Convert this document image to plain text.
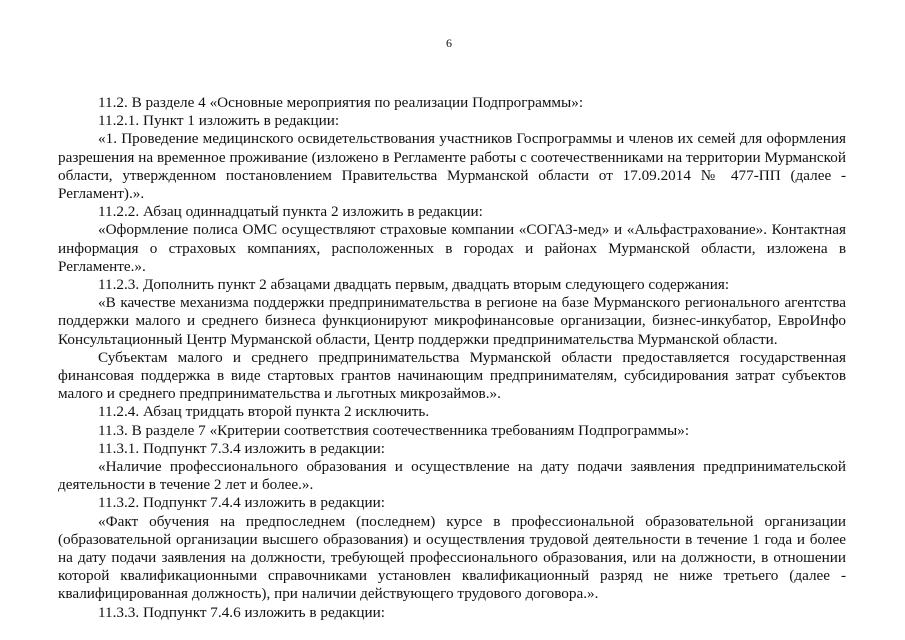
6

11.2. В разделе 4 «Основные мероприятия по реализации Подпрограммы»:

11.2.1. Пункт 1 изложить в редакции:

«1. Проведение медицинского освидетельствования участников Госпрограммы и членов их семей для оформления разрешения на временное проживание (изложено в Регламенте работы с соотечественниками на территории Мурманской области, утвержденном постановлением Правительства Мурманской области от 17.09.2014 № 477-ПП (далее - Регламент).».

11.2.2. Абзац одиннадцатый пункта 2 изложить в редакции:

«Оформление полиса ОМС осуществляют страховые компании «СОГАЗ-мед» и «Альфастрахование». Контактная информация о страховых компаниях, расположенных в городах и районах Мурманской области, изложена в Регламенте.».

11.2.3. Дополнить пункт 2 абзацами двадцать первым, двадцать вторым следующего содержания:

«В качестве механизма поддержки предпринимательства в регионе на базе Мурманского регионального агентства поддержки малого и среднего бизнеса функционируют микрофинансовые организации, бизнес-инкубатор, ЕвроИнфо Консультационный Центр Мурманской области, Центр поддержки предпринимательства Мурманской области.

Субъектам малого и среднего предпринимательства Мурманской области предоставляется государственная финансовая поддержка в виде стартовых грантов начинающим предпринимателям, субсидирования затрат субъектов малого и среднего предпринимательства и льготных микрозаймов.».

11.2.4. Абзац тридцать второй пункта 2 исключить.

11.3. В разделе 7 «Критерии соответствия соотечественника требованиям Подпрограммы»:

11.3.1. Подпункт 7.3.4 изложить в редакции:

«Наличие профессионального образования и осуществление на дату подачи заявления предпринимательской деятельности в течение 2 лет и более.».

11.3.2. Подпункт 7.4.4 изложить в редакции:

«Факт обучения на предпоследнем (последнем) курсе в профессиональной образовательной организации (образовательной организации высшего образования) и осуществления трудовой деятельности в течение 1 года и более на дату подачи заявления на должности, требующей профессионального образования, или на должности, в отношении которой квалификационными справочниками установлен квалификационный разряд не ниже третьего (далее - квалифицированная должность), при наличии действующего трудового договора.».

11.3.3. Подпункт 7.4.6 изложить в редакции:
